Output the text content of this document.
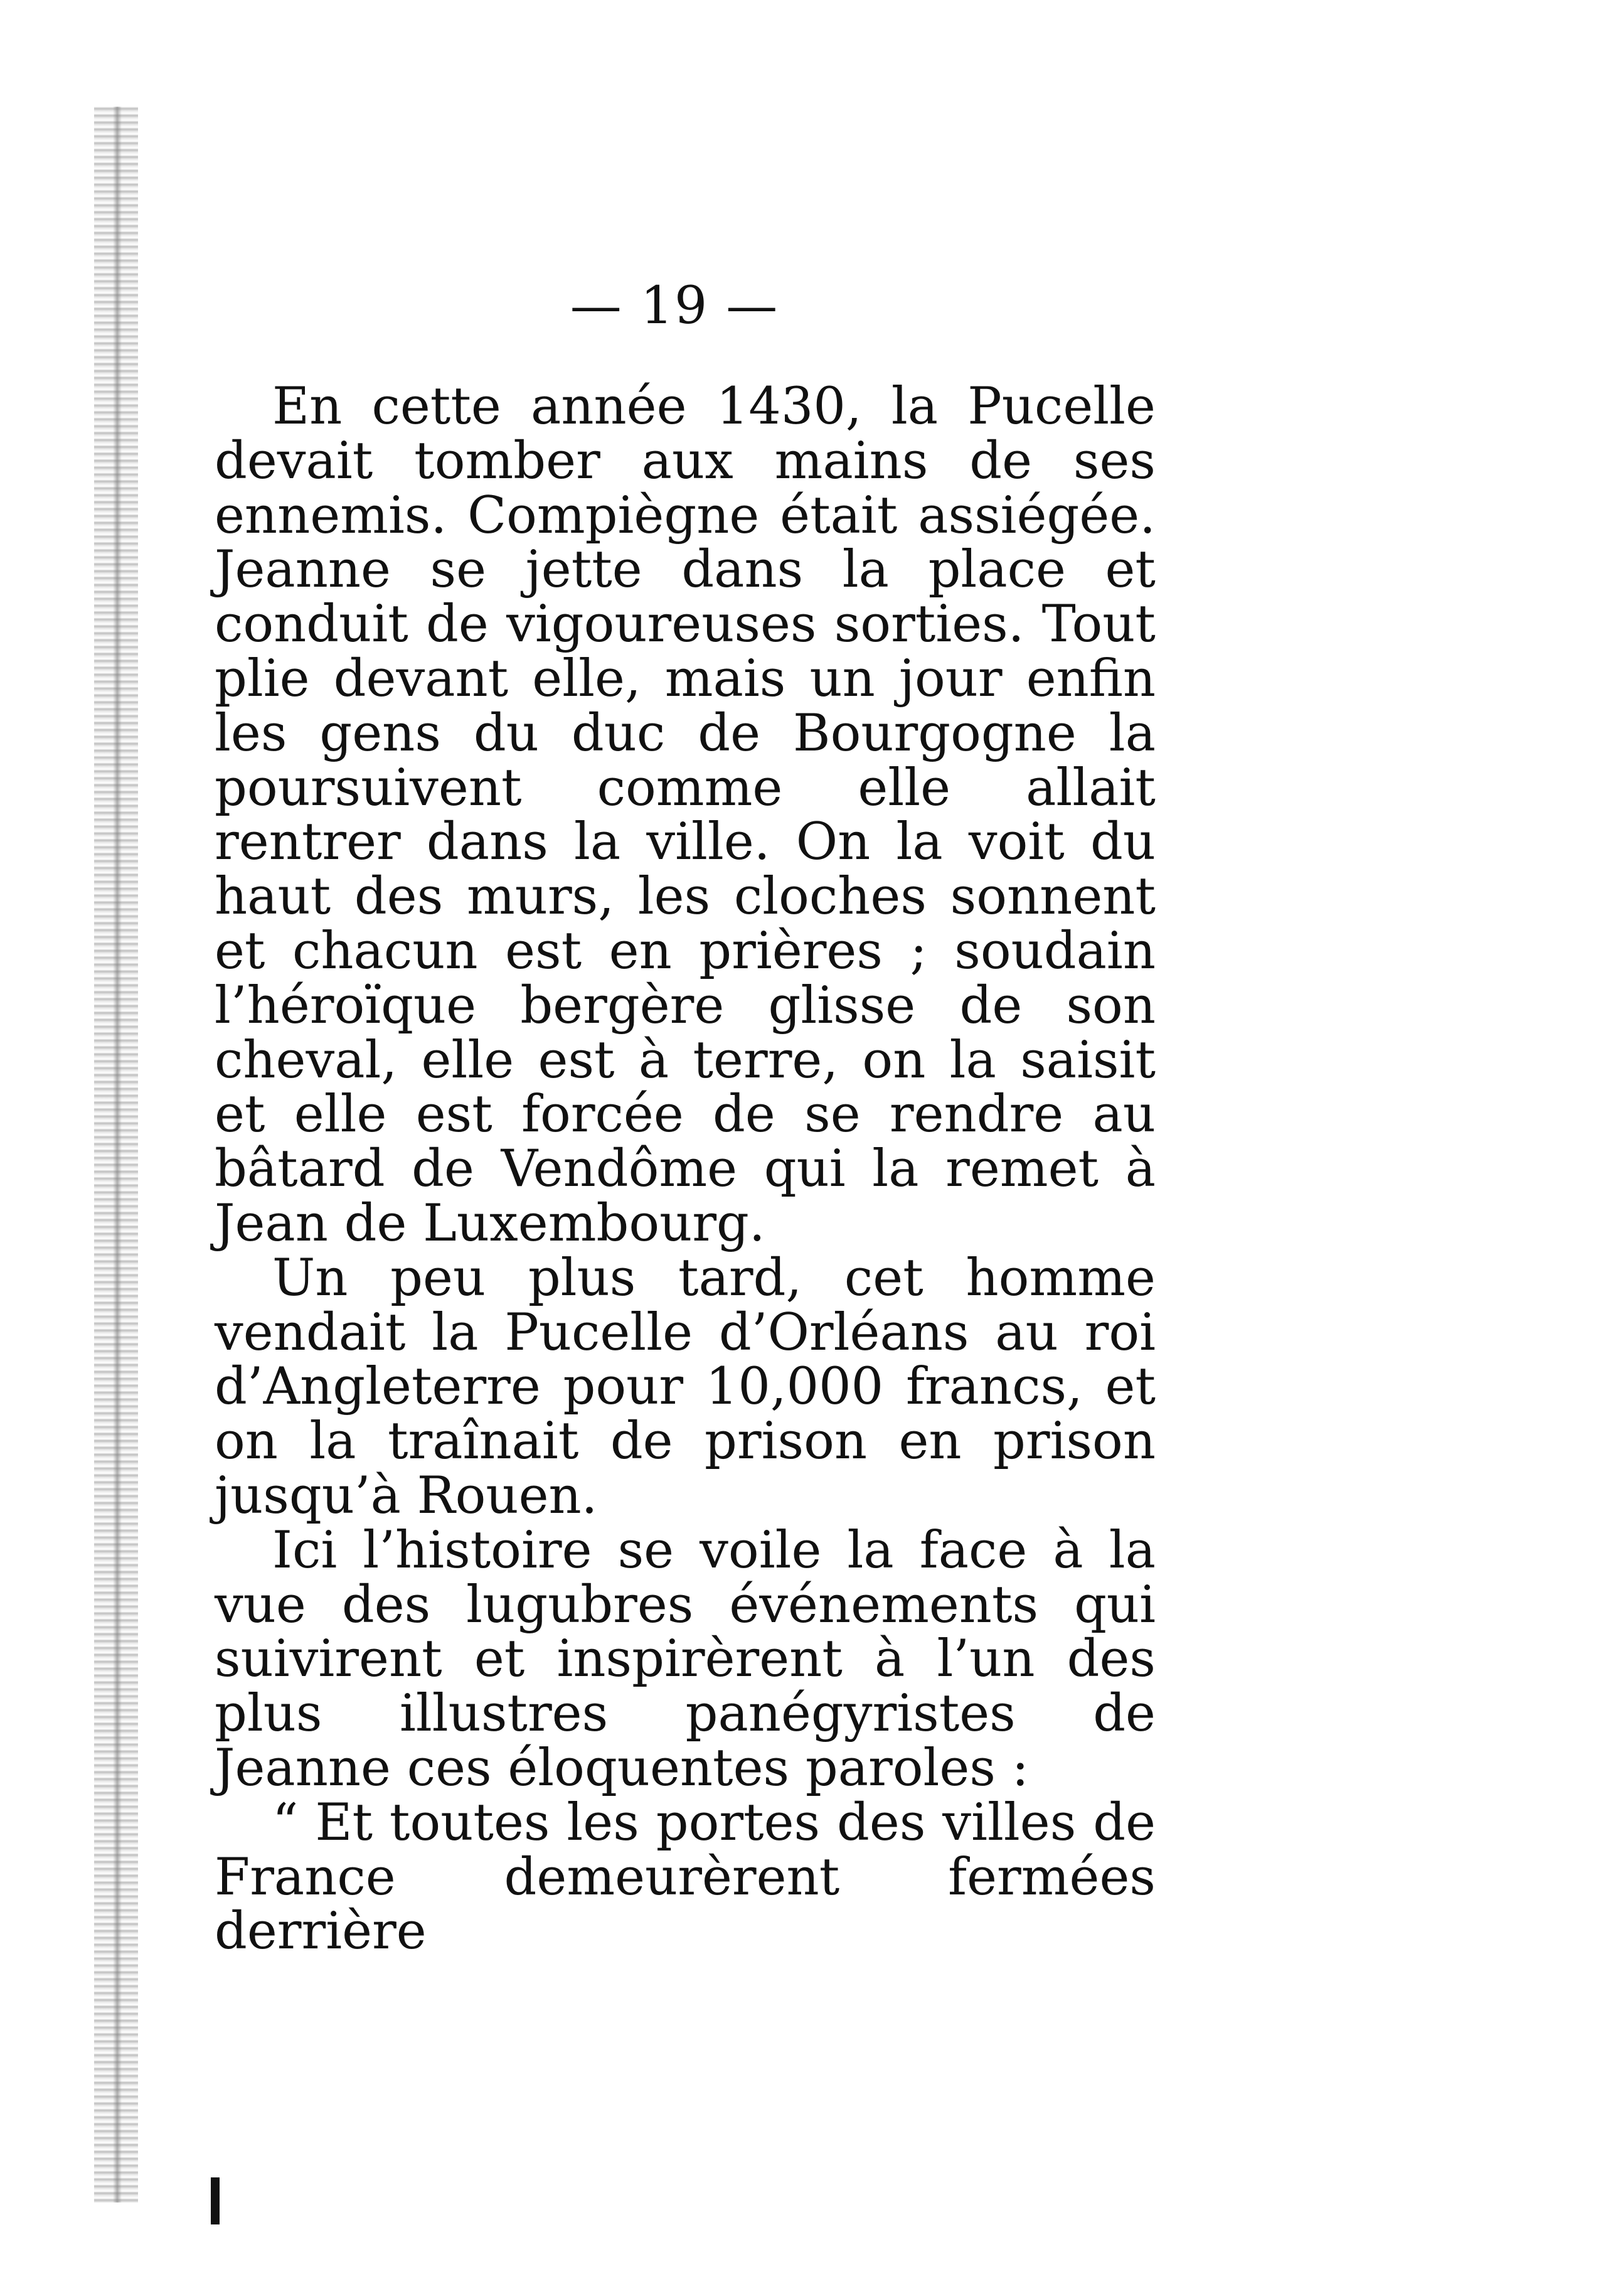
— 19 —

En cette année 1430, la Pucelle devait tomber aux mains de ses ennemis. Compiègne était assiégée. Jeanne se jette dans la place et conduit de vigoureuses sorties. Tout plie devant elle, mais un jour enfin les gens du duc de Bourgogne la poursuivent comme elle allait rentrer dans la ville. On la voit du haut des murs, les cloches sonnent et chacun est en prières ; soudain l’héroïque bergère glisse de son cheval, elle est à terre, on la saisit et elle est forcée de se rendre au bâtard de Vendôme qui la remet à Jean de Luxembourg.

Un peu plus tard, cet homme vendait la Pucelle d’Orléans au roi d’Angleterre pour 10,000 francs, et on la traînait de prison en prison jusqu’à Rouen.

Ici l’histoire se voile la face à la vue des lugubres événements qui suivirent et inspirèrent à l’un des plus illustres panégyristes de Jeanne ces éloquentes paroles :

“ Et toutes les portes des villes de France demeurèrent fermées derrière
